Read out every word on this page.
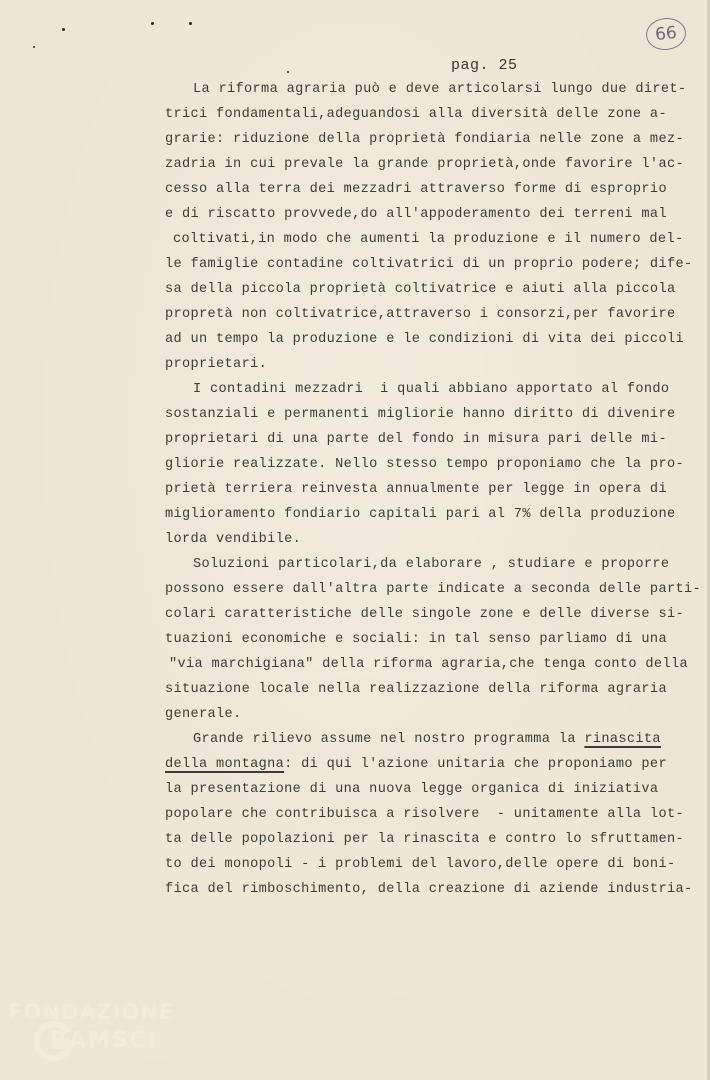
66
pag. 25
La riforma agraria può e deve articolarsi lungo due diret-
trici fondamentali,adeguandosi alla diversità delle zone a-
grarie: riduzione della proprietà fondiaria nelle zone a mez-
zadria in cui prevale la grande proprietà,onde favorire l'ac-
cesso alla terra dei mezzadri attraverso forme di esproprio
e di riscatto provvede,do all'appoderamento dei terreni mal
coltivati,in modo che aumenti la produzione e il numero del-
le famiglie contadine coltivatrici di un proprio podere; dife-
sa della piccola proprietà coltivatrice e aiuti alla piccola
propretà non coltivatrice,attraverso i consorzi,per favorire
ad un tempo la produzione e le condizioni di vita dei piccoli
proprietari.
I contadini mezzadri  i quali abbiano apportato al fondo
sostanziali e permanenti migliorie hanno diritto di divenire
proprietari di una parte del fondo in misura pari delle mi-
gliorie realizzate. Nello stesso tempo proponiamo che la pro-
prietà terriera reinvesta annualmente per legge in opera di
miglioramento fondiario capitali pari al 7% della produzione
lorda vendibile.
Soluzioni particolari,da elaborare , studiare e proporre
possono essere dall'altra parte indicate a seconda delle parti-
colari caratteristiche delle singole zone e delle diverse si-
tuazioni economiche e sociali: in tal senso parliamo di una
"via marchigiana" della riforma agraria,che tenga conto della
situazione locale nella realizzazione della riforma agraria
generale.
Grande rilievo assume nel nostro programma la rinascita
della montagna: di qui l'azione unitaria che proponiamo per
la presentazione di una nuova legge organica di iniziativa
popolare che contribuisca a risolvere  - unitamente alla lot-
ta delle popolazioni per la rinascita e contro lo sfruttamen-
to dei monopoli - i problemi del lavoro,delle opere di boni-
fica del rimboschimento, della creazione di aziende industria-
FONDAZIONE
RAMSCI
onlus
